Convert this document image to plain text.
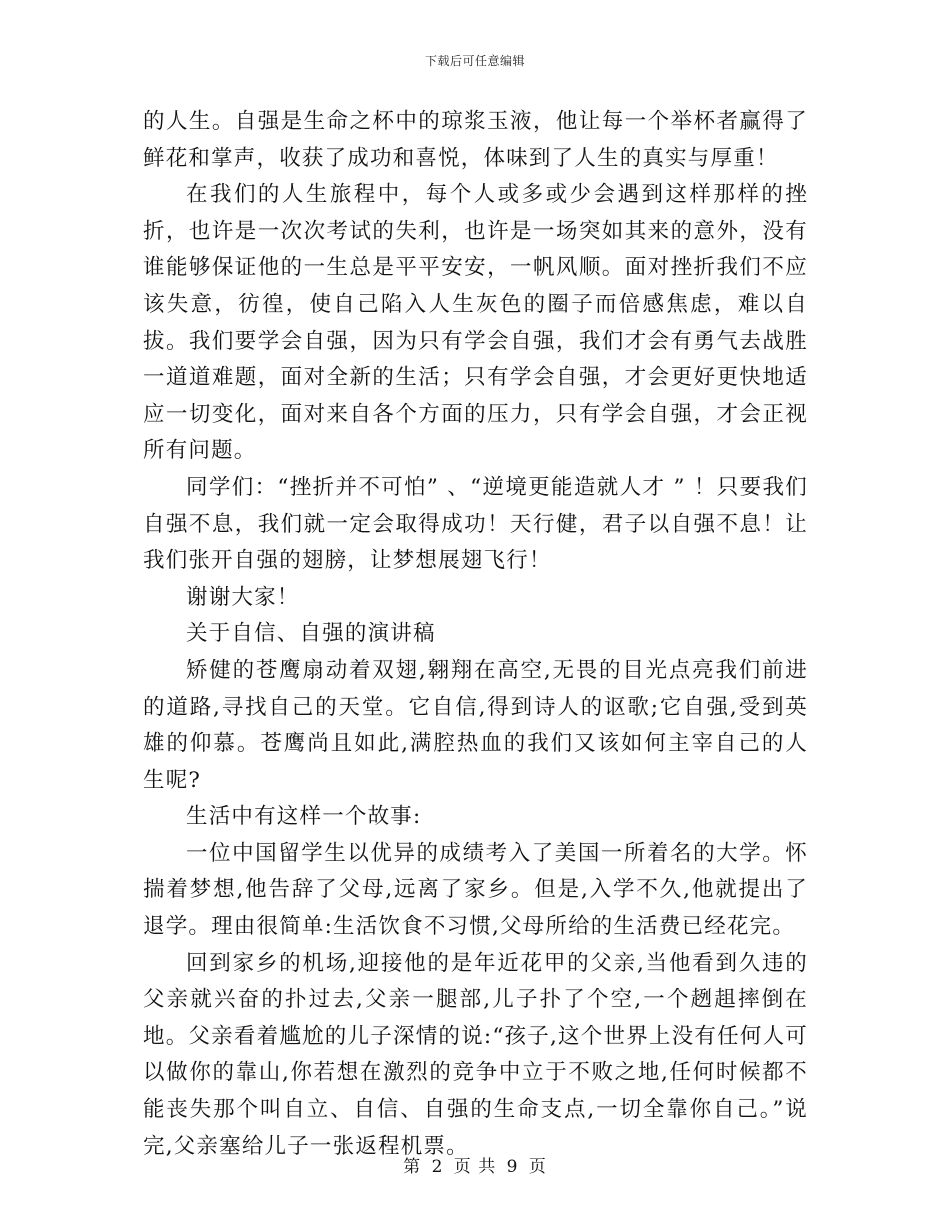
下载后可任意编辑

的人生。自强是生命之杯中的琼浆玉液，他让每一个举杯者赢得了鲜花和掌声，收获了成功和喜悦，体味到了人生的真实与厚重！

在我们的人生旅程中，每个人或多或少会遇到这样那样的挫折，也许是一次次考试的失利，也许是一场突如其来的意外，没有谁能够保证他的一生总是平平安安，一帆风顺。面对挫折我们不应该失意，彷徨，使自己陷入人生灰色的圈子而倍感焦虑，难以自拔。我们要学会自强，因为只有学会自强，我们才会有勇气去战胜一道道难题，面对全新的生活；只有学会自强，才会更好更快地适应一切变化，面对来自各个方面的压力，只有学会自强，才会正视所有问题。

同学们：“挫折并不可怕” 、“逆境更能造就人才 ” ！只要我们自强不息，我们就一定会取得成功！天行健，君子以自强不息！让我们张开自强的翅膀，让梦想展翅飞行！

谢谢大家！

关于自信、自强的演讲稿

矫健的苍鹰扇动着双翅,翱翔在高空,无畏的目光点亮我们前进的道路,寻找自己的天堂。它自信,得到诗人的讴歌;它自强,受到英雄的仰慕。苍鹰尚且如此,满腔热血的我们又该如何主宰自己的人生呢?

生活中有这样一个故事:

一位中国留学生以优异的成绩考入了美国一所着名的大学。怀揣着梦想,他告辞了父母,远离了家乡。但是,入学不久,他就提出了退学。理由很简单:生活饮食不习惯,父母所给的生活费已经花完。

回到家乡的机场,迎接他的是年近花甲的父亲,当他看到久违的父亲就兴奋的扑过去,父亲一腿部,儿子扑了个空,一个趔趄摔倒在地。父亲看着尴尬的儿子深情的说:“孩子,这个世界上没有任何人可以做你的靠山,你若想在激烈的竞争中立于不败之地,任何时候都不能丧失那个叫自立、自信、自强的生命支点,一切全靠你自己。”说完,父亲塞给儿子一张返程机票。

第 2 页 共 9 页
